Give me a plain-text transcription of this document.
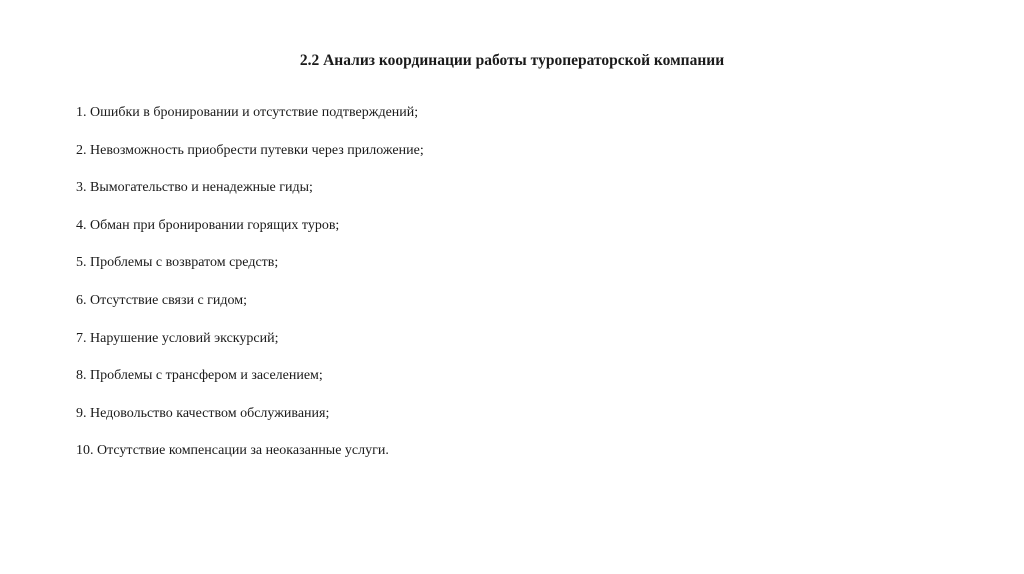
2.2 Анализ координации работы туроператорской компании
1. Ошибки в бронировании и отсутствие подтверждений;
2. Невозможность приобрести путевки через приложение;
3. Вымогательство и ненадежные гиды;
4. Обман при бронировании горящих туров;
5. Проблемы с возвратом средств;
6. Отсутствие связи с гидом;
7. Нарушение условий экскурсий;
8. Проблемы с трансфером и заселением;
9. Недовольство качеством обслуживания;
10. Отсутствие компенсации за неоказанные услуги.
